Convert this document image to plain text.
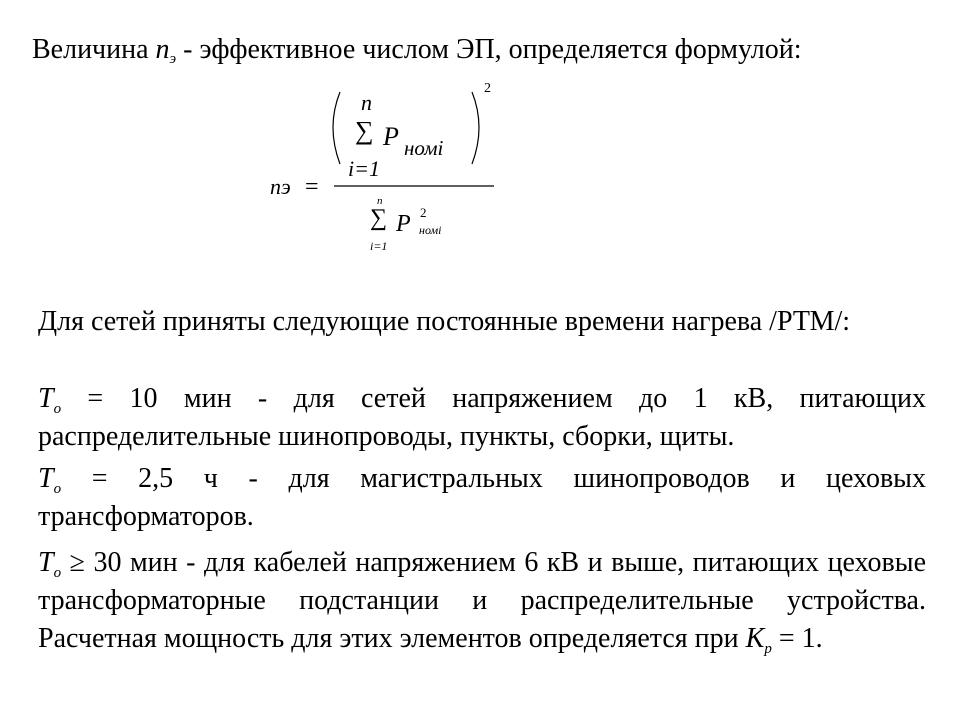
Величина $n_э$ - эффективное числом ЭП, определяется формулой:
nэ =
n
∑ P номi
i=1
2
n
∑ P 2
номi
i=1
Для сетей приняты следующие постоянные времени нагрева /РТМ/:
$T_o = 10$ мин - для сетей напряжением до 1 кВ, питающих распределительные шинопроводы, пункты, сборки, щиты.
$T_o = 2,5$ ч - для магистральных шинопроводов и цеховых трансформаторов.
$T_o \ge 30$ мин - для кабелей напряжением 6 кВ и выше, питающих цеховые трансформаторные подстанции и распределительные устройства. Расчетная мощность для этих элементов определяется при $K_p = 1$.
